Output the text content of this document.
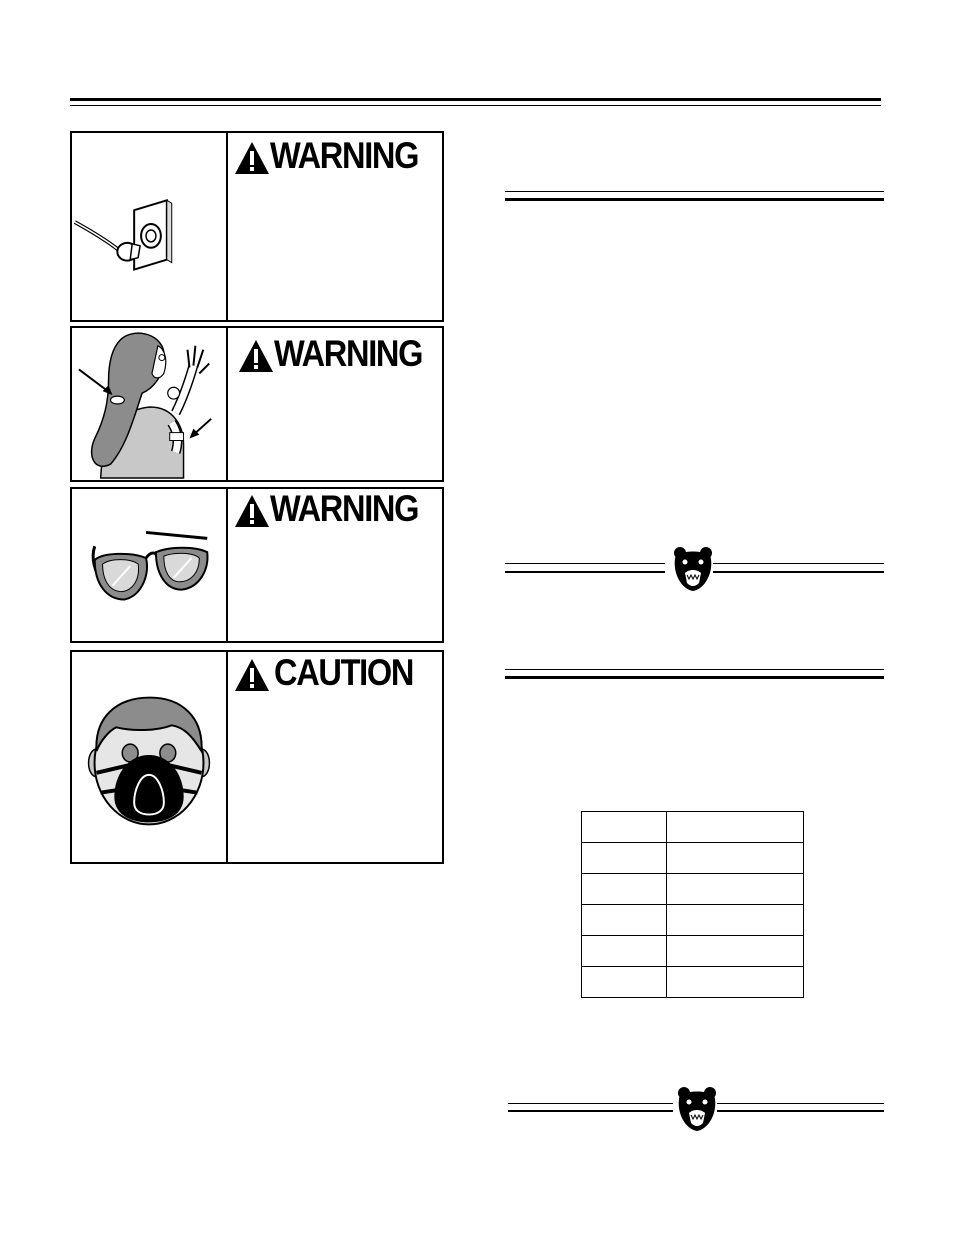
WARNING
WARNING
WARNING
CAUTION
